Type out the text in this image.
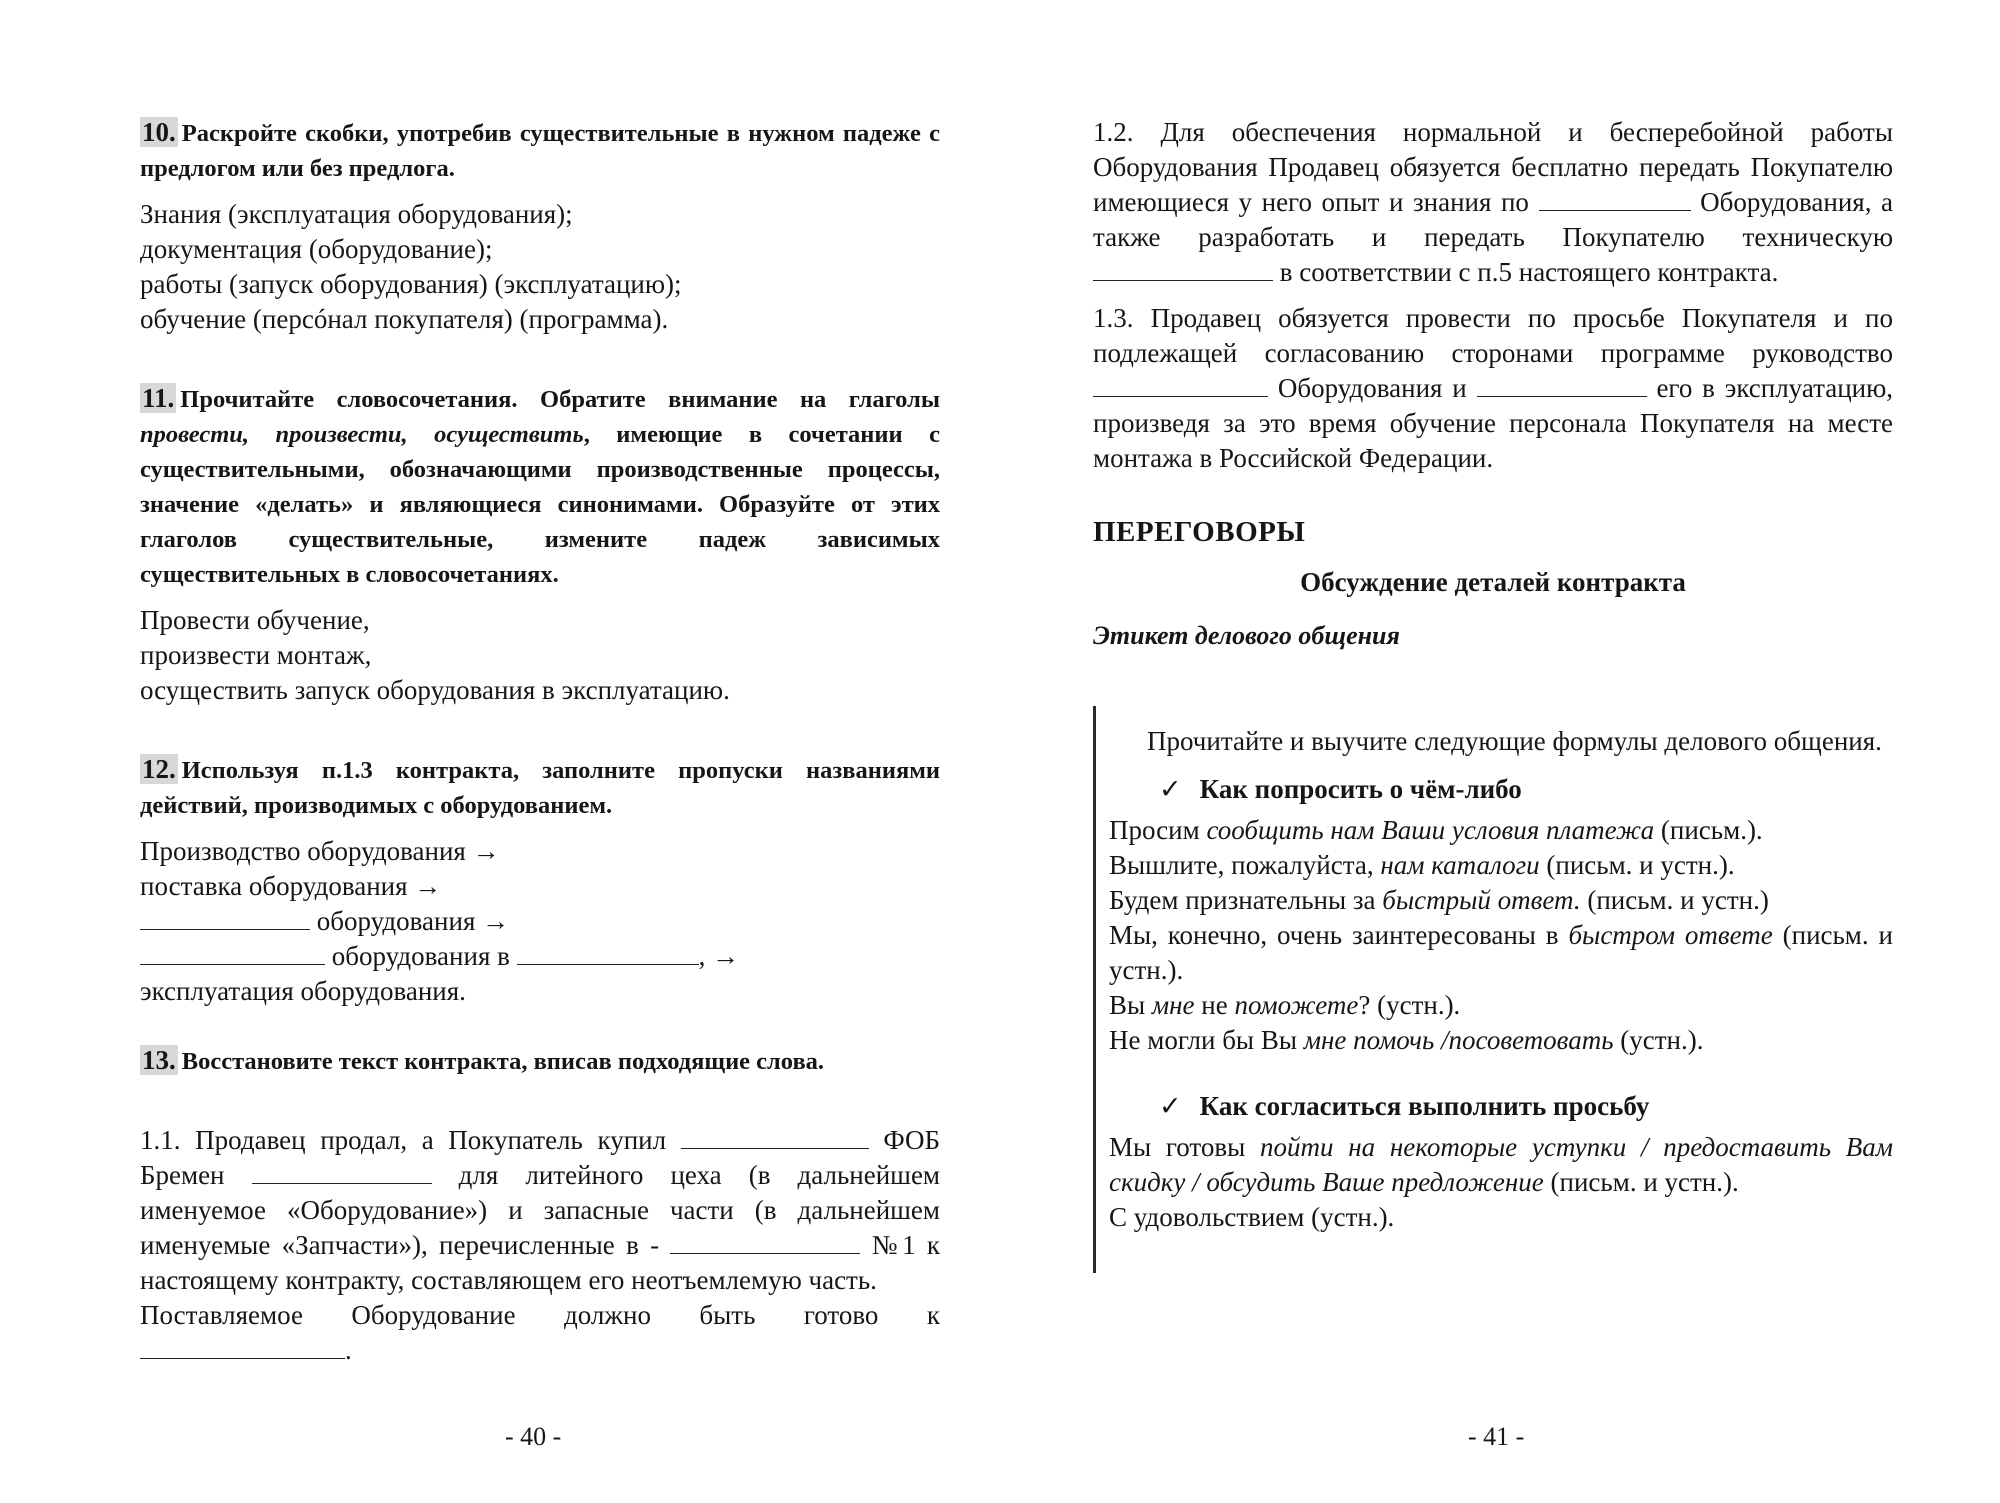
10. Раскройте скобки, употребив существительные в нужном падеже с предлогом или без предлога.

Знания (эксплуатация оборудования);

документация (оборудование);

работы (запуск оборудования) (эксплуатацию);

обучение (персóнал покупателя) (программа).

11. Прочитайте словосочетания. Обратите внимание на глаголы провести, произвести, осуществить, имеющие в сочетании с существительными, обозначающими производственные процессы, значение «делать» и являющиеся синонимами. Образуйте от этих глаголов существительные, измените падеж зависимых существительных в словосочетаниях.

Провести обучение,

произвести монтаж,

осуществить запуск оборудования в эксплуатацию.

12. Используя п.1.3 контракта, заполните пропуски названиями действий, производимых с оборудованием.

Производство оборудования →

поставка оборудования →

оборудования →

оборудования в	, →

эксплуатация оборудования.

13. Восстановите текст контракта, вписав подходящие слова.

1.1. Продавец продал, а Покупатель купил	ФОБ Бремен	для литейного цеха (в дальнейшем именуемое «Оборудование») и запасные части (в дальнейшем именуемые «Запчасти»), перечисленные в -	№1 к настоящему контракту, составляющем его неотъемлемую часть.

Поставляемое Оборудование должно быть готово к .

- 40 -

1.2. Для обеспечения нормальной и бесперебойной работы Оборудования Продавец обязуется бесплатно передать Покупателю имеющиеся у него опыт и знания по	Оборудования, а также разработать и передать Покупателю техническую  в соответствии с п.5 настоящего контракта.

1.3. Продавец обязуется провести по просьбе Покупателя и по подлежащей согласованию сторонами программе руководство  Оборудования и	его в эксплуатацию, произведя за это время обучение персонала Покупателя на месте монтажа в Российской Федерации.

ПЕРЕГОВОРЫ

Обсуждение деталей контракта

Этикет делового общения

Прочитайте и выучите следующие формулы делового общения.

✓ Как попросить о чём-либо

Просим сообщить нам Ваши условия платежа (письм.).

Вышлите, пожалуйста, нам каталоги (письм. и устн.).

Будем признательны за быстрый ответ. (письм. и устн.)

Мы, конечно, очень заинтересованы в быстром ответе (письм. и устн.).

Вы мне не поможете? (устн.).

Не могли бы Вы мне помочь /посоветовать (устн.).

✓ Как согласиться выполнить просьбу

Мы готовы пойти на некоторые уступки / предоставить Вам скидку / обсудить Ваше предложение (письм. и устн.).

С удовольствием (устн.).

- 41 -
